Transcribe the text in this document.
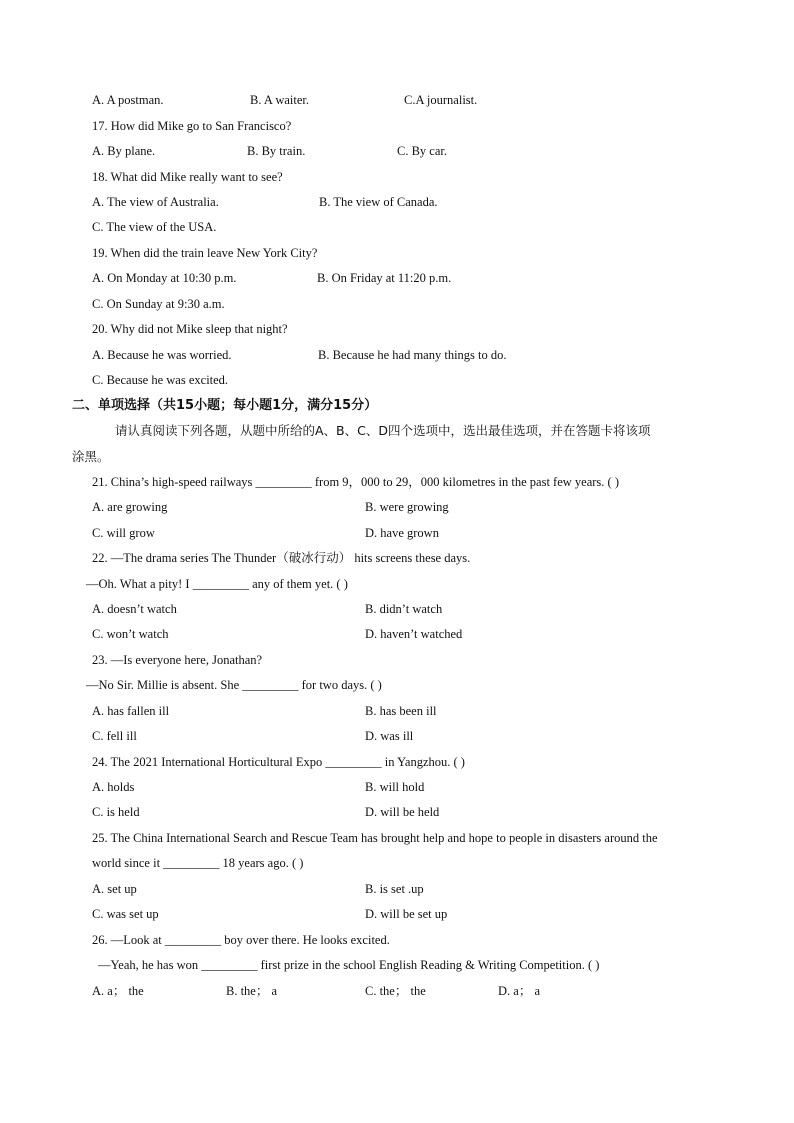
A. A postman.	B. A waiter.	C.A journalist.
17. How did Mike go to San Francisco?
A. By plane.	B. By train.	C. By car.
18. What did Mike really want to see?
A. The view of Australia.	B. The view of Canada.
C. The view of the USA.
19. When did the train leave New York City?
A. On Monday at 10:30 p.m.	B. On Friday at 11:20 p.m.
C. On Sunday at 9:30 a.m.
20. Why did not Mike sleep that night?
A. Because he was worried.	B. Because he had many things to do.
C. Because he was excited.
二、单项选择（共15小题；每小题1分，满分15分）
请认真阅读下列各题，从题中所给的A、B、C、D四个选项中，选出最佳选项，并在答题卡将该项
涂黑。
21. China’s high-speed railways _________ from 9，000 to 29，000 kilometres in the past few years. ( )
A. are growing	B. were growing
C. will grow	D. have grown
22. —The drama series The Thunder（破冰行动） hits screens these days.
—Oh. What a pity! I _________ any of them yet. ( )
A. doesn’t watch	B. didn’t watch
C. won’t watch	D. haven’t watched
23. —Is everyone here, Jonathan?
—No Sir. Millie is absent. She _________ for two days. ( )
A. has fallen ill	B. has been ill
C. fell ill	D. was ill
24. The 2021 International Horticultural Expo _________ in Yangzhou. ( )
A. holds	B. will hold
C. is held	D. will be held
25. The China International Search and Rescue Team has brought help and hope to people in disasters around the
world since it _________ 18 years ago. ( )
A. set up	B. is set .up
C. was set up	D. will be set up
26. —Look at _________ boy over there. He looks excited.
—Yeah, he has won _________ first prize in the school English Reading & Writing Competition. ( )
A. a； the	B. the； a	C. the； the	D. a； a
